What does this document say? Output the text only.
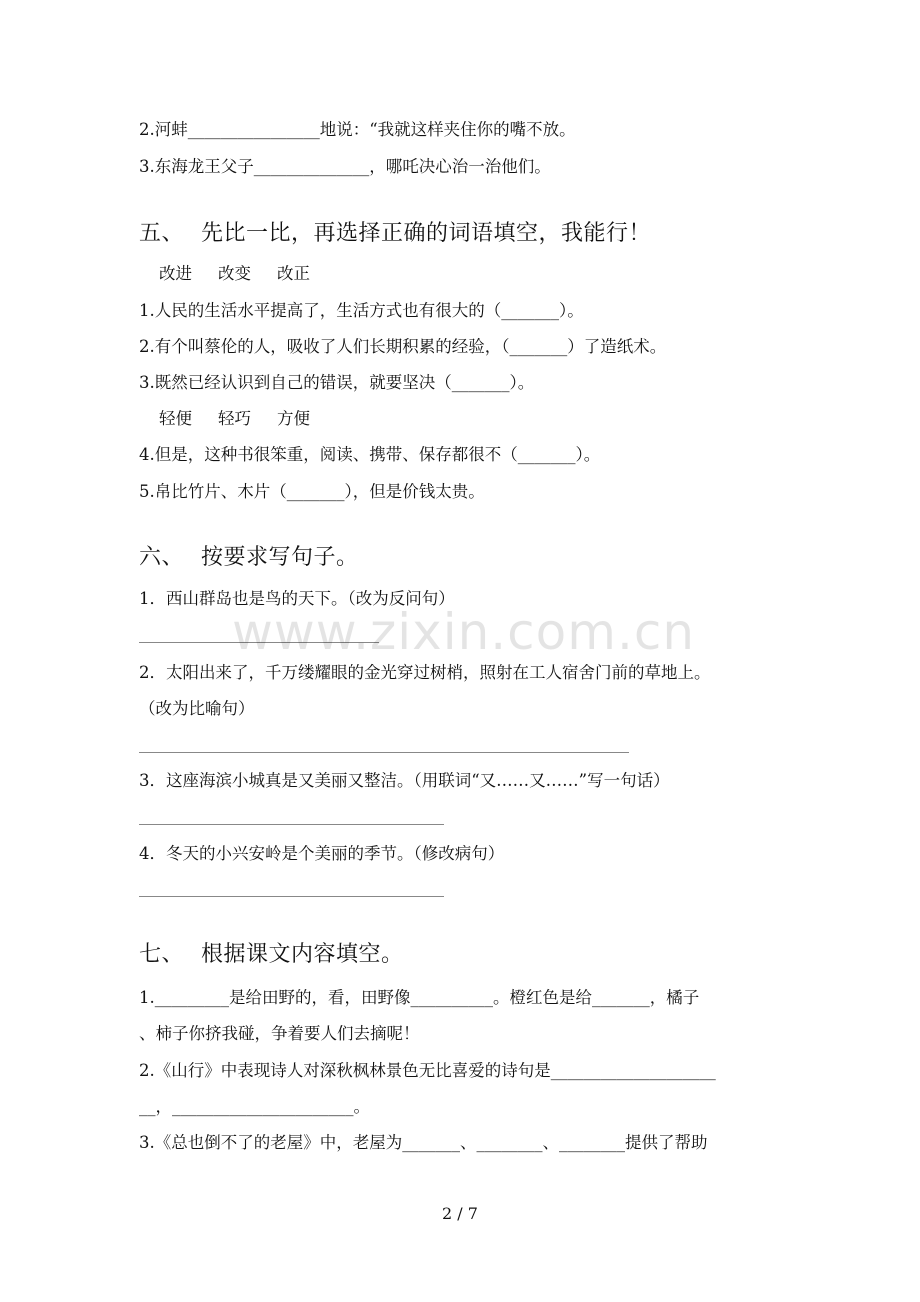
2.河蚌________________地说：“我就这样夹住你的嘴不放。
3.东海龙王父子______________，哪吒决心治一治他们。
五、 先比一比，再选择正确的词语填空，我能行！
改进 改变 改正
1.人民的生活水平提高了，生活方式也有很大的（_______）。
2.有个叫蔡伦的人，吸收了人们长期积累的经验，（_______）了造纸术。
3.既然已经认识到自己的错误，就要坚决（_______）。
轻便 轻巧 方便
4.但是，这种书很笨重，阅读、携带、保存都很不（_______）。
5.帛比竹片、木片（_______），但是价钱太贵。
六、 按要求写句子。
1．西山群岛也是鸟的天下。（改为反问句）
2．太阳出来了，千万缕耀眼的金光穿过树梢，照射在工人宿舍门前的草地上。
（改为比喻句）
3．这座海滨小城真是又美丽又整洁。（用联词“又……又……”写一句话）
4．冬天的小兴安岭是个美丽的季节。（修改病句）
七、 根据课文内容填空。
1._________是给田野的，看，田野像__________。橙红色是给_______，橘子
、柿子你挤我碰，争着要人们去摘呢！
2.《山行》中表现诗人对深秋枫林景色无比喜爱的诗句是____________________
__，______________________。
3.《总也倒不了的老屋》中，老屋为_______、________、________提供了帮助
www.zixin.com.cn
2 / 7
